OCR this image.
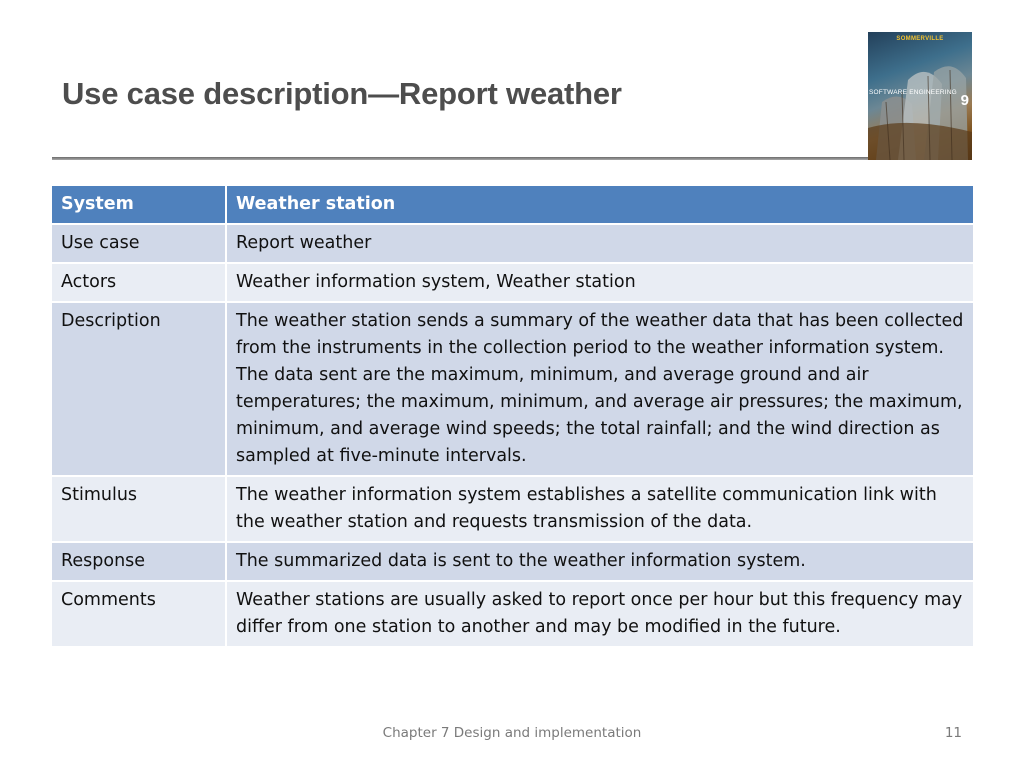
Use case description—Report weather
SOMMERVILLE
SOFTWARE ENGINEERING 9
System	Weather station
Use case	Report weather
Actors	Weather information system, Weather station
Description	The weather station sends a summary of the weather data that has been collected from the instruments in the collection period to the weather information system. The data sent are the maximum, minimum, and average ground and air temperatures; the maximum, minimum, and average air pressures; the maximum, minimum, and average wind speeds; the total rainfall; and the wind direction as sampled at five-minute intervals.
Stimulus	The weather information system establishes a satellite communication link with the weather station and requests transmission of the data.
Response	The summarized data is sent to the weather information system.
Comments	Weather stations are usually asked to report once per hour but this frequency may differ from one station to another and may be modified in the future.
Chapter 7 Design and implementation	11
